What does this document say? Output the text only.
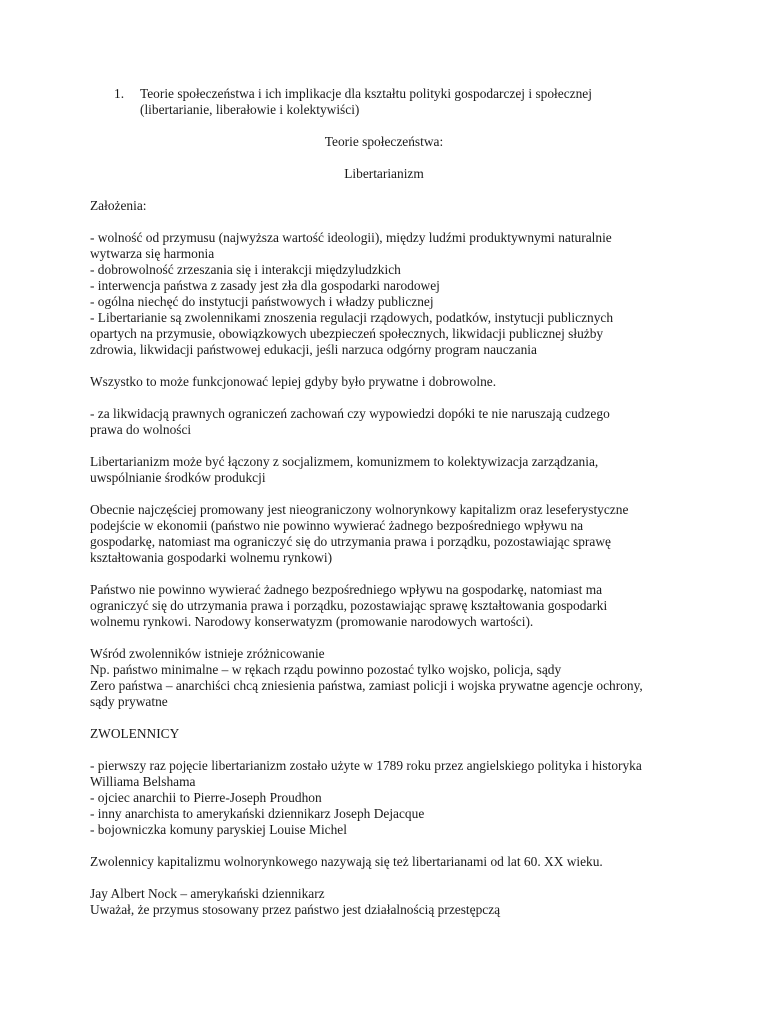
1. Teorie społeczeństwa i ich implikacje dla kształtu polityki gospodarczej i społecznej
(libertarianie, liberałowie i kolektywiści)
Teorie społeczeństwa:
Libertarianizm
Założenia:
- wolność od przymusu (najwyższa wartość ideologii), między ludźmi produktywnymi naturalnie
wytwarza się harmonia
- dobrowolność zrzeszania się i interakcji międzyludzkich
- interwencja państwa z zasady jest zła dla gospodarki narodowej
- ogólna niechęć do instytucji państwowych i władzy publicznej
- Libertarianie są zwolennikami znoszenia regulacji rządowych, podatków, instytucji publicznych
opartych na przymusie, obowiązkowych ubezpieczeń społecznych, likwidacji publicznej służby
zdrowia, likwidacji państwowej edukacji, jeśli narzuca odgórny program nauczania
Wszystko to może funkcjonować lepiej gdyby było prywatne i dobrowolne.
- za likwidacją prawnych ograniczeń zachowań czy wypowiedzi dopóki te nie naruszają cudzego
prawa do wolności
Libertarianizm może być łączony z socjalizmem, komunizmem to kolektywizacja zarządzania,
uwspólnianie środków produkcji
Obecnie najczęściej promowany jest nieograniczony wolnorynkowy kapitalizm oraz leseferystyczne
podejście w ekonomii (państwo nie powinno wywierać żadnego bezpośredniego wpływu na
gospodarkę, natomiast ma ograniczyć się do utrzymania prawa i porządku, pozostawiając sprawę
kształtowania gospodarki wolnemu rynkowi)
Państwo nie powinno wywierać żadnego bezpośredniego wpływu na gospodarkę, natomiast ma
ograniczyć się do utrzymania prawa i porządku, pozostawiając sprawę kształtowania gospodarki
wolnemu rynkowi. Narodowy konserwatyzm (promowanie narodowych wartości).
Wśród zwolenników istnieje zróżnicowanie
Np. państwo minimalne – w rękach rządu powinno pozostać tylko wojsko, policja, sądy
Zero państwa – anarchiści chcą zniesienia państwa, zamiast policji i wojska prywatne agencje ochrony,
sądy prywatne
ZWOLENNICY
- pierwszy raz pojęcie libertarianizm zostało użyte w 1789 roku przez angielskiego polityka i historyka
Williama Belshama
- ojciec anarchii to Pierre-Joseph Proudhon
- inny anarchista to amerykański dziennikarz Joseph Dejacque
- bojowniczka komuny paryskiej Louise Michel
Zwolennicy kapitalizmu wolnorynkowego nazywają się też libertarianami od lat 60. XX wieku.
Jay Albert Nock – amerykański dziennikarz
Uważał, że przymus stosowany przez państwo jest działalnością przestępczą
